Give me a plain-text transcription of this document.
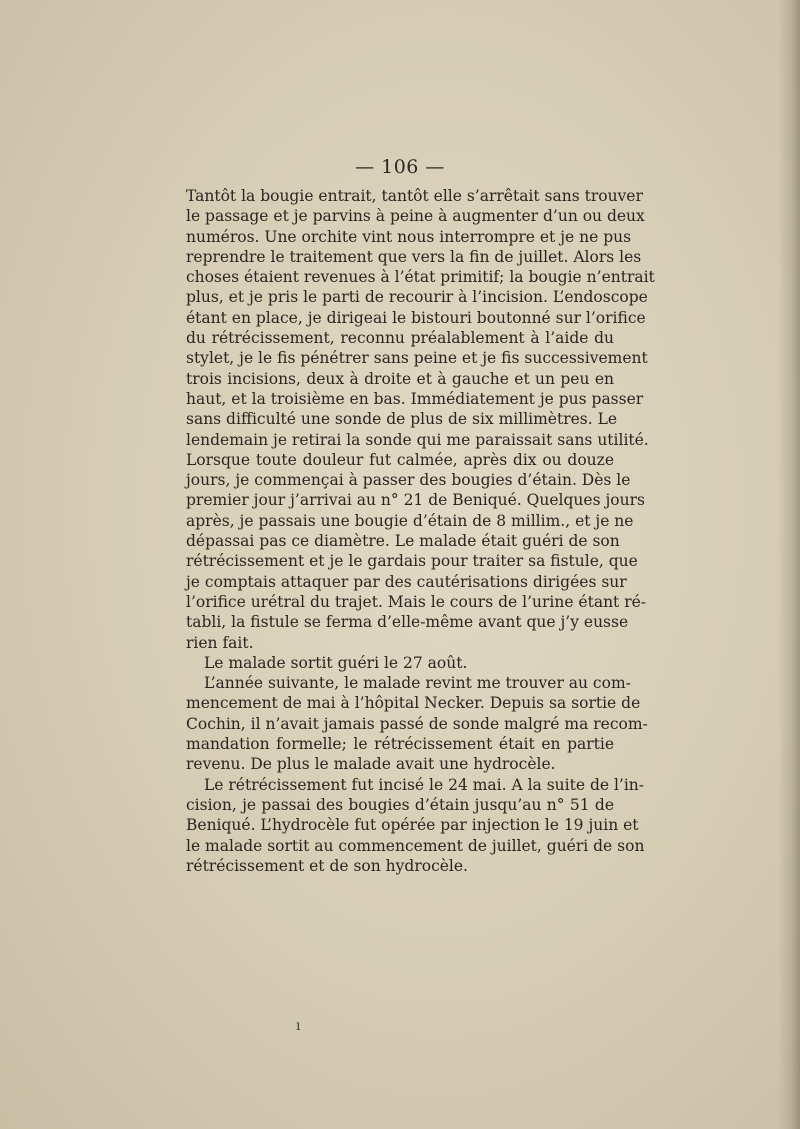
— 106 —
Tantôt la bougie entrait, tantôt elle s’arrêtait sans trouver
le passage et je parvins à peine à augmenter d’un ou deux
numéros. Une orchite vint nous interrompre et je ne pus
reprendre le traitement que vers la fin de juillet. Alors les
choses étaient revenues à l’état primitif; la bougie n’entrait
plus, et je pris le parti de recourir à l’incision. L’endoscope
étant en place, je dirigeai le bistouri boutonné sur l’orifice
du rétrécissement, reconnu préalablement à l’aide du
stylet, je le fis pénétrer sans peine et je fis successivement
trois incisions, deux à droite et à gauche et un peu en
haut, et la troisième en bas. Immédiatement je pus passer
sans difficulté une sonde de plus de six millimètres. Le
lendemain je retirai la sonde qui me paraissait sans utilité.
Lorsque toute douleur fut calmée, après dix ou douze
jours, je commençai à passer des bougies d’étain. Dès le
premier jour j’arrivai au n° 21 de Beniqué. Quelques jours
après, je passais une bougie d’étain de 8 millim., et je ne
dépassai pas ce diamètre. Le malade était guéri de son
rétrécissement et je le gardais pour traiter sa fistule, que
je comptais attaquer par des cautérisations dirigées sur
l’orifice urétral du trajet. Mais le cours de l’urine étant ré-
tabli, la fistule se ferma d’elle-même avant que j’y eusse
rien fait.
Le malade sortit guéri le 27 août.
L’année suivante, le malade revint me trouver au com-
mencement de mai à l’hôpital Necker. Depuis sa sortie de
Cochin, il n’avait jamais passé de sonde malgré ma recom-
mandation formelle; le rétrécissement était en partie
revenu. De plus le malade avait une hydrocèle.
Le rétrécissement fut incisé le 24 mai. A la suite de l’in-
cision, je passai des bougies d’étain jusqu’au n° 51 de
Beniqué. L’hydrocèle fut opérée par injection le 19 juin et
le malade sortit au commencement de juillet, guéri de son
rétrécissement et de son hydrocèle.
ı
